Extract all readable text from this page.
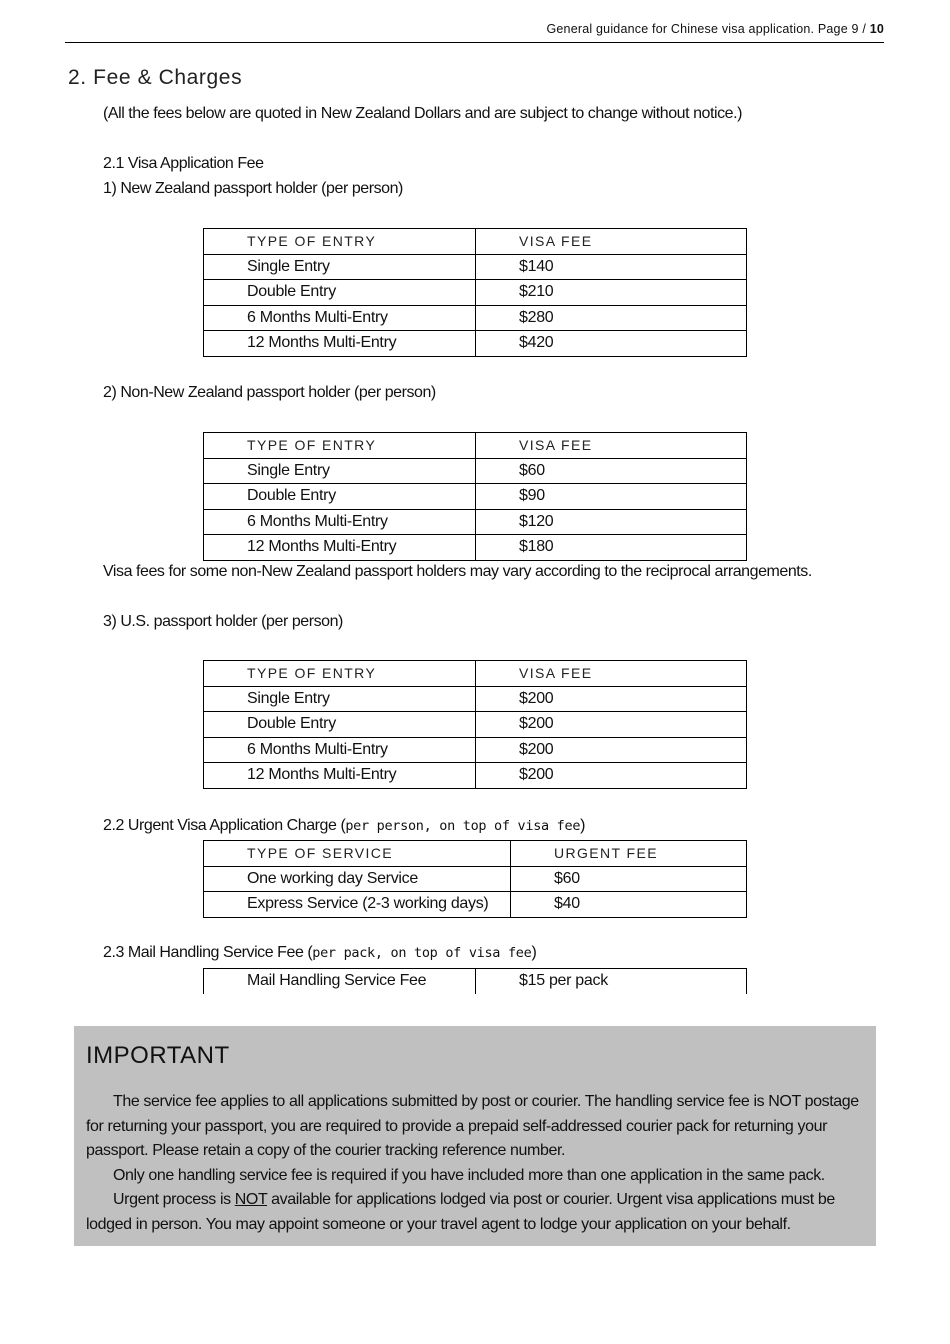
General guidance for Chinese visa application. Page 9 / 10
2. Fee & Charges
(All the fees below are quoted in New Zealand Dollars and are subject to change without notice.)
2.1 Visa Application Fee
1) New Zealand passport holder (per person)
TYPE OF ENTRY	VISA FEE
Single Entry	$140
Double Entry	$210
6 Months Multi-Entry	$280
12 Months Multi-Entry	$420
2) Non-New Zealand passport holder (per person)
TYPE OF ENTRY	VISA FEE
Single Entry	$60
Double Entry	$90
6 Months Multi-Entry	$120
12 Months Multi-Entry	$180
Visa fees for some non-New Zealand passport holders may vary according to the reciprocal arrangements.
3) U.S. passport holder (per person)
TYPE OF ENTRY	VISA FEE
Single Entry	$200
Double Entry	$200
6 Months Multi-Entry	$200
12 Months Multi-Entry	$200
2.2 Urgent Visa Application Charge (per person, on top of visa fee)
TYPE OF SERVICE	URGENT FEE
One working day Service	$60
Express Service (2-3 working days)	$40
2.3 Mail Handling Service Fee (per pack, on top of visa fee)
Mail Handling Service Fee	$15 per pack
IMPORTANT

The service fee applies to all applications submitted by post or courier. The handling service fee is NOT postage for returning your passport, you are required to provide a prepaid self-addressed courier pack for returning your passport. Please retain a copy of the courier tracking reference number.

Only one handling service fee is required if you have included more than one application in the same pack.

Urgent process is NOT available for applications lodged via post or courier. Urgent visa applications must be lodged in person. You may appoint someone or your travel agent to lodge your application on your behalf.
